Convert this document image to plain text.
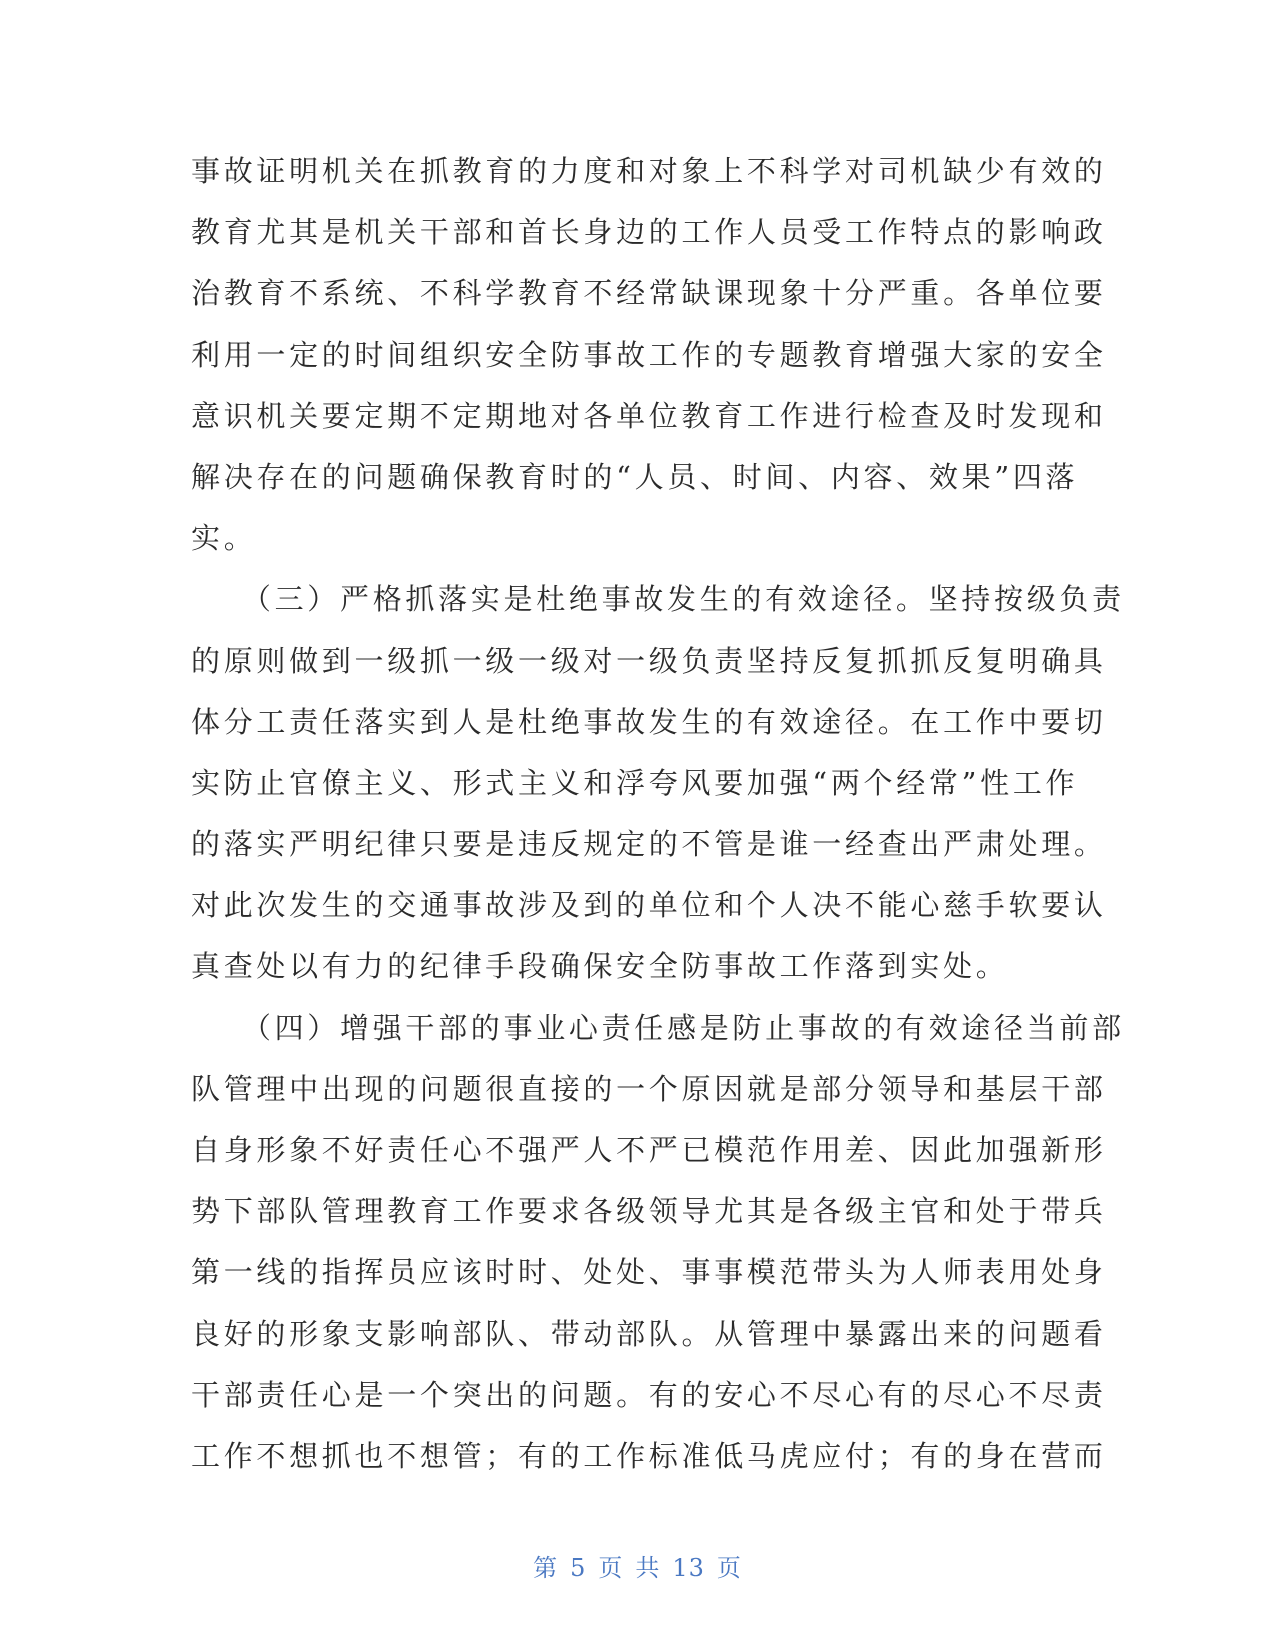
事故证明机关在抓教育的力度和对象上不科学对司机缺少有效的
教育尤其是机关干部和首长身边的工作人员受工作特点的影响政
治教育不系统、不科学教育不经常缺课现象十分严重。各单位要
利用一定的时间组织安全防事故工作的专题教育增强大家的安全
意识机关要定期不定期地对各单位教育工作进行检查及时发现和
解决存在的问题确保教育时的“人员、时间、内容、效果”四落
实。
　　（三）严格抓落实是杜绝事故发生的有效途径。坚持按级负责
的原则做到一级抓一级一级对一级负责坚持反复抓抓反复明确具
体分工责任落实到人是杜绝事故发生的有效途径。在工作中要切
实防止官僚主义、形式主义和浮夸风要加强“两个经常”性工作
的落实严明纪律只要是违反规定的不管是谁一经查出严肃处理。
对此次发生的交通事故涉及到的单位和个人决不能心慈手软要认
真查处以有力的纪律手段确保安全防事故工作落到实处。
　　（四）增强干部的事业心责任感是防止事故的有效途径当前部
队管理中出现的问题很直接的一个原因就是部分领导和基层干部
自身形象不好责任心不强严人不严已模范作用差、因此加强新形
势下部队管理教育工作要求各级领导尤其是各级主官和处于带兵
第一线的指挥员应该时时、处处、事事模范带头为人师表用处身
良好的形象支影响部队、带动部队。从管理中暴露出来的问题看
干部责任心是一个突出的问题。有的安心不尽心有的尽心不尽责
工作不想抓也不想管；有的工作标准低马虎应付；有的身在营而
第 5 页 共 13 页
